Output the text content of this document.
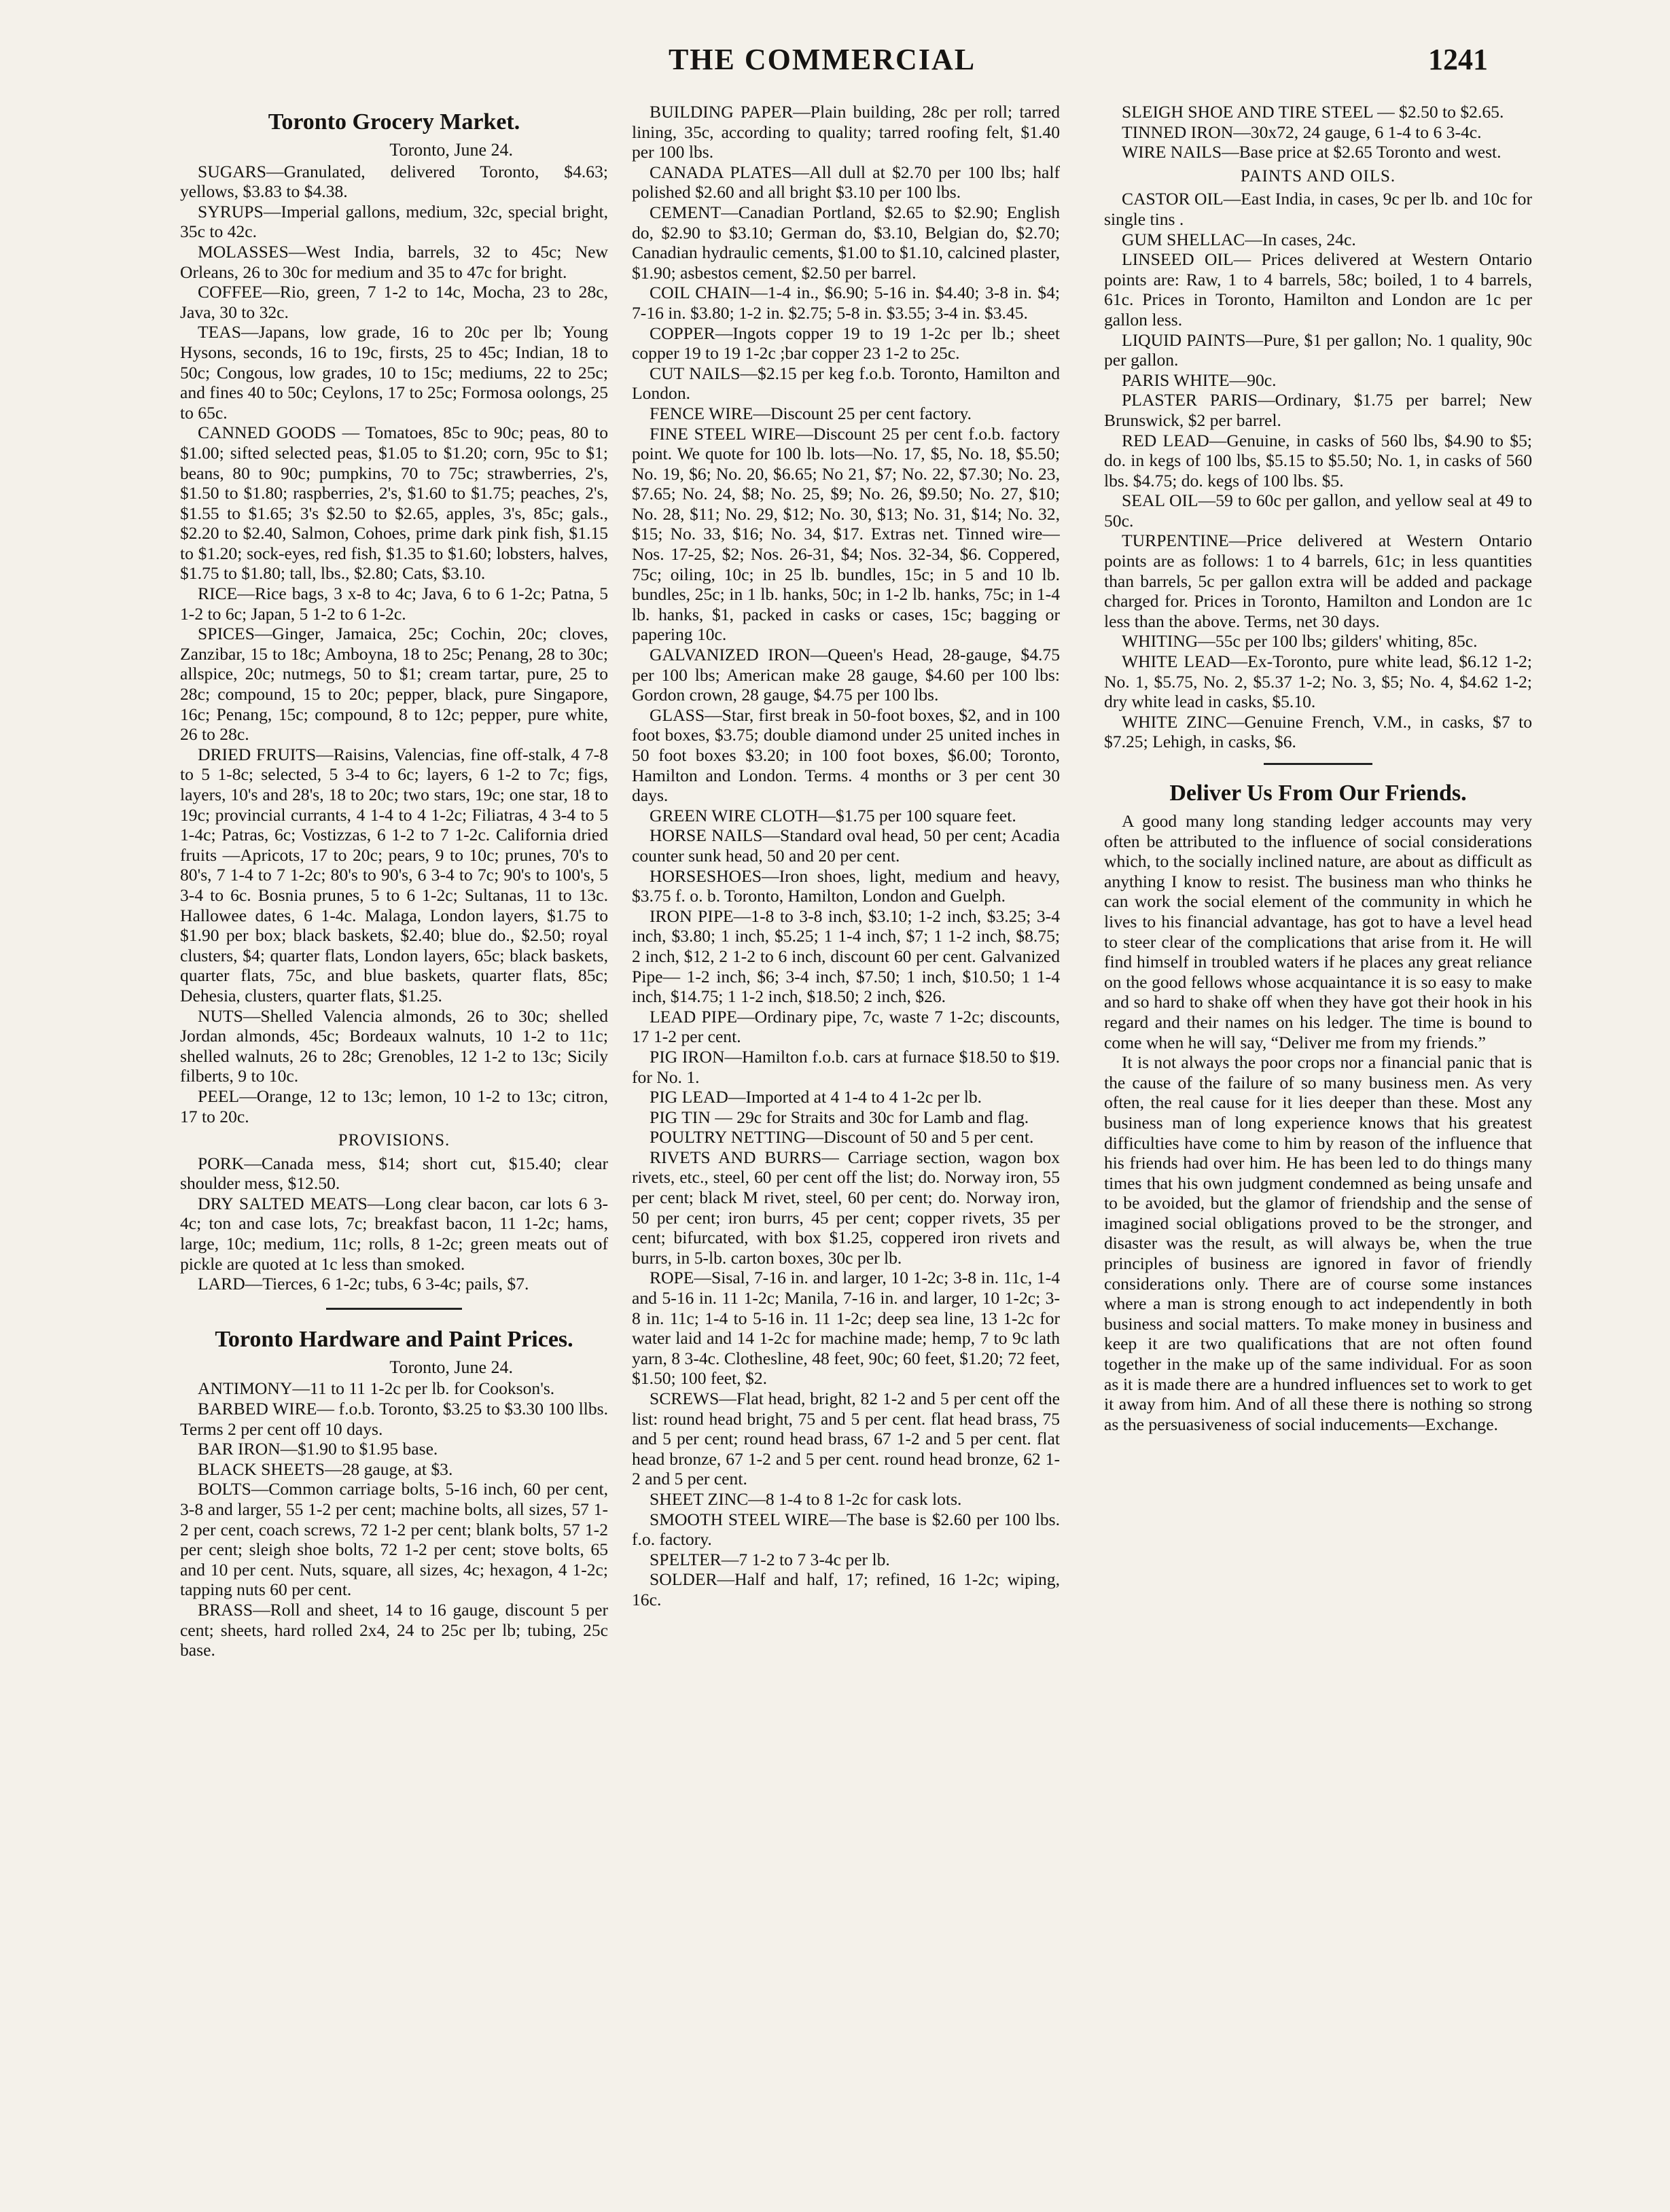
THE COMMERCIAL	1241
Toronto Grocery Market.
Toronto, June 24.

SUGARS—Granulated, delivered Toronto, $4.63; yellows, $3.83 to $4.38.

SYRUPS—Imperial gallons, medium, 32c, special bright, 35c to 42c.

MOLASSES—West India, barrels, 32 to 45c; New Orleans, 26 to 30c for medium and 35 to 47c for bright.

COFFEE—Rio, green, 7 1-2 to 14c, Mocha, 23 to 28c, Java, 30 to 32c.

TEAS—Japans, low grade, 16 to 20c per lb; Young Hysons, seconds, 16 to 19c, firsts, 25 to 45c; Indian, 18 to 50c; Congous, low grades, 10 to 15c; mediums, 22 to 25c; and fines 40 to 50c; Ceylons, 17 to 25c; Formosa oolongs, 25 to 65c.

CANNED GOODS — Tomatoes, 85c to 90c; peas, 80 to $1.00; sifted selected peas, $1.05 to $1.20; corn, 95c to $1; beans, 80 to 90c; pumpkins, 70 to 75c; strawberries, 2's, $1.50 to $1.80; raspberries, 2's, $1.60 to $1.75; peaches, 2's, $1.55 to $1.65; 3's $2.50 to $2.65, apples, 3's, 85c; gals., $2.20 to $2.40, Salmon, Cohoes, prime dark pink fish, $1.15 to $1.20; sock-eyes, red fish, $1.35 to $1.60; lobsters, halves, $1.75 to $1.80; tall, lbs., $2.80; Cats, $3.10.

RICE—Rice bags, 3 x-8 to 4c; Java, 6 to 6 1-2c; Patna, 5 1-2 to 6c; Japan, 5 1-2 to 6 1-2c.

SPICES—Ginger, Jamaica, 25c; Cochin, 20c; cloves, Zanzibar, 15 to 18c; Amboyna, 18 to 25c; Penang, 28 to 30c; allspice, 20c; nutmegs, 50 to $1; cream tartar, pure, 25 to 28c; compound, 15 to 20c; pepper, black, pure Singapore, 16c; Penang, 15c; compound, 8 to 12c; pepper, pure white, 26 to 28c.

DRIED FRUITS—Raisins, Valencias, fine off-stalk, 4 7-8 to 5 1-8c; selected, 5 3-4 to 6c; layers, 6 1-2 to 7c; figs, layers, 10's and 28's, 18 to 20c; two stars, 19c; one star, 18 to 19c; provincial currants, 4 1-4 to 4 1-2c; Filiatras, 4 3-4 to 5 1-4c; Patras, 6c; Vostizzas, 6 1-2 to 7 1-2c. California dried fruits —Apricots, 17 to 20c; pears, 9 to 10c; prunes, 70's to 80's, 7 1-4 to 7 1-2c; 80's to 90's, 6 3-4 to 7c; 90's to 100's, 5 3-4 to 6c. Bosnia prunes, 5 to 6 1-2c; Sultanas, 11 to 13c. Hallowee dates, 6 1-4c. Malaga, London layers, $1.75 to $1.90 per box; black baskets, $2.40; blue do., $2.50; royal clusters, $4; quarter flats, London layers, 65c; black baskets, quarter flats, 75c, and blue baskets, quarter flats, 85c; Dehesia, clusters, quarter flats, $1.25.

NUTS—Shelled Valencia almonds, 26 to 30c; shelled Jordan almonds, 45c; Bordeaux walnuts, 10 1-2 to 11c; shelled walnuts, 26 to 28c; Grenobles, 12 1-2 to 13c; Sicily filberts, 9 to 10c.

PEEL—Orange, 12 to 13c; lemon, 10 1-2 to 13c; citron, 17 to 20c.

PROVISIONS.

PORK—Canada mess, $14; short cut, $15.40; clear shoulder mess, $12.50.

DRY SALTED MEATS—Long clear bacon, car lots 6 3-4c; ton and case lots, 7c; breakfast bacon, 11 1-2c; hams, large, 10c; medium, 11c; rolls, 8 1-2c; green meats out of pickle are quoted at 1c less than smoked.

LARD—Tierces, 6 1-2c; tubs, 6 3-4c; pails, $7.

Toronto Hardware and Paint Prices.
Toronto, June 24.

ANTIMONY—11 to 11 1-2c per lb. for Cookson's.

BARBED WIRE— f.o.b. Toronto, $3.25 to $3.30 100 llbs. Terms 2 per cent off 10 days.

BAR IRON—$1.90 to $1.95 base.

BLACK SHEETS—28 gauge, at $3.

BOLTS—Common carriage bolts, 5-16 inch, 60 per cent, 3-8 and larger, 55 1-2 per cent; machine bolts, all sizes, 57 1-2 per cent, coach screws, 72 1-2 per cent; blank bolts, 57 1-2 per cent; sleigh shoe bolts, 72 1-2 per cent; stove bolts, 65 and 10 per cent. Nuts, square, all sizes, 4c; hexagon, 4 1-2c; tapping nuts 60 per cent.

BRASS—Roll and sheet, 14 to 16 gauge, discount 5 per cent; sheets, hard rolled 2x4, 24 to 25c per lb; tubing, 25c base.

BUILDING PAPER—Plain building, 28c per roll; tarred lining, 35c, according to quality; tarred roofing felt, $1.40 per 100 lbs.

CANADA PLATES—All dull at $2.70 per 100 lbs; half polished $2.60 and all bright $3.10 per 100 lbs.

CEMENT—Canadian Portland, $2.65 to $2.90; English do, $2.90 to $3.10; German do, $3.10, Belgian do, $2.70; Canadian hydraulic cements, $1.00 to $1.10, calcined plaster, $1.90; asbestos cement, $2.50 per barrel.

COIL CHAIN—1-4 in., $6.90; 5-16 in. $4.40; 3-8 in. $4; 7-16 in. $3.80; 1-2 in. $2.75; 5-8 in. $3.55; 3-4 in. $3.45.

COPPER—Ingots copper 19 to 19 1-2c per lb.; sheet copper 19 to 19 1-2c ;bar copper 23 1-2 to 25c.

CUT NAILS—$2.15 per keg f.o.b. Toronto, Hamilton and London.

FENCE WIRE—Discount 25 per cent factory.

FINE STEEL WIRE—Discount 25 per cent f.o.b. factory point. We quote for 100 lb. lots—No. 17, $5, No. 18, $5.50; No. 19, $6; No. 20, $6.65; No 21, $7; No. 22, $7.30; No. 23, $7.65; No. 24, $8; No. 25, $9; No. 26, $9.50; No. 27, $10; No. 28, $11; No. 29, $12; No. 30, $13; No. 31, $14; No. 32, $15; No. 33, $16; No. 34, $17. Extras net. Tinned wire—Nos. 17-25, $2; Nos. 26-31, $4; Nos. 32-34, $6. Coppered, 75c; oiling, 10c; in 25 lb. bundles, 15c; in 5 and 10 lb. bundles, 25c; in 1 lb. hanks, 50c; in 1-2 lb. hanks, 75c; in 1-4 lb. hanks, $1, packed in casks or cases, 15c; bagging or papering 10c.

GALVANIZED IRON—Queen's Head, 28-gauge, $4.75 per 100 lbs; American make 28 gauge, $4.60 per 100 lbs: Gordon crown, 28 gauge, $4.75 per 100 lbs.

GLASS—Star, first break in 50-foot boxes, $2, and in 100 foot boxes, $3.75; double diamond under 25 united inches in 50 foot boxes $3.20; in 100 foot boxes, $6.00; Toronto, Hamilton and London. Terms. 4 months or 3 per cent 30 days.

GREEN WIRE CLOTH—$1.75 per 100 square feet.

HORSE NAILS—Standard oval head, 50 per cent; Acadia counter sunk head, 50 and 20 per cent.

HORSESHOES—Iron shoes, light, medium and heavy, $3.75 f. o. b. Toronto, Hamilton, London and Guelph.

IRON PIPE—1-8 to 3-8 inch, $3.10; 1-2 inch, $3.25; 3-4 inch, $3.80; 1 inch, $5.25; 1 1-4 inch, $7; 1 1-2 inch, $8.75; 2 inch, $12, 2 1-2 to 6 inch, discount 60 per cent. Galvanized Pipe— 1-2 inch, $6; 3-4 inch, $7.50; 1 inch, $10.50; 1 1-4 inch, $14.75; 1 1-2 inch, $18.50; 2 inch, $26.

LEAD PIPE—Ordinary pipe, 7c, waste 7 1-2c; discounts, 17 1-2 per cent.

PIG IRON—Hamilton f.o.b. cars at furnace $18.50 to $19. for No. 1.

PIG LEAD—Imported at 4 1-4 to 4 1-2c per lb.

PIG TIN — 29c for Straits and 30c for Lamb and flag.

POULTRY NETTING—Discount of 50 and 5 per cent.

RIVETS AND BURRS— Carriage section, wagon box rivets, etc., steel, 60 per cent off the list; do. Norway iron, 55 per cent; black M rivet, steel, 60 per cent; do. Norway iron, 50 per cent; iron burrs, 45 per cent; copper rivets, 35 per cent; bifurcated, with box $1.25, coppered iron rivets and burrs, in 5-lb. carton boxes, 30c per lb.

ROPE—Sisal, 7-16 in. and larger, 10 1-2c; 3-8 in. 11c, 1-4 and 5-16 in. 11 1-2c; Manila, 7-16 in. and larger, 10 1-2c; 3-8 in. 11c; 1-4 to 5-16 in. 11 1-2c; deep sea line, 13 1-2c for water laid and 14 1-2c for machine made; hemp, 7 to 9c lath yarn, 8 3-4c. Clothesline, 48 feet, 90c; 60 feet, $1.20; 72 feet, $1.50; 100 feet, $2.

SCREWS—Flat head, bright, 82 1-2 and 5 per cent off the list: round head bright, 75 and 5 per cent. flat head brass, 75 and 5 per cent; round head brass, 67 1-2 and 5 per cent. flat head bronze, 67 1-2 and 5 per cent. round head bronze, 62 1-2 and 5 per cent.

SHEET ZINC—8 1-4 to 8 1-2c for cask lots.

SMOOTH STEEL WIRE—The base is $2.60 per 100 lbs. f.o. factory.

SPELTER—7 1-2 to 7 3-4c per lb.

SOLDER—Half and half, 17; refined, 16 1-2c; wiping, 16c.

SLEIGH SHOE AND TIRE STEEL — $2.50 to $2.65.

TINNED IRON—30x72, 24 gauge, 6 1-4 to 6 3-4c.

WIRE NAILS—Base price at $2.65 Toronto and west.

PAINTS AND OILS.

CASTOR OIL—East India, in cases, 9c per lb. and 10c for single tins .

GUM SHELLAC—In cases, 24c.

LINSEED OIL— Prices delivered at Western Ontario points are: Raw, 1 to 4 barrels, 58c; boiled, 1 to 4 barrels, 61c. Prices in Toronto, Hamilton and London are 1c per gallon less.

LIQUID PAINTS—Pure, $1 per gallon; No. 1 quality, 90c per gallon.

PARIS WHITE—90c.

PLASTER PARIS—Ordinary, $1.75 per barrel; New Brunswick, $2 per barrel.

RED LEAD—Genuine, in casks of 560 lbs, $4.90 to $5; do. in kegs of 100 lbs, $5.15 to $5.50; No. 1, in casks of 560 lbs. $4.75; do. kegs of 100 lbs. $5.

SEAL OIL—59 to 60c per gallon, and yellow seal at 49 to 50c.

TURPENTINE—Price delivered at Western Ontario points are as follows: 1 to 4 barrels, 61c; in less quantities than barrels, 5c per gallon extra will be added and package charged for. Prices in Toronto, Hamilton and London are 1c less than the above. Terms, net 30 days.

WHITING—55c per 100 lbs; gilders' whiting, 85c.

WHITE LEAD—Ex-Toronto, pure white lead, $6.12 1-2; No. 1, $5.75, No. 2, $5.37 1-2; No. 3, $5; No. 4, $4.62 1-2; dry white lead in casks, $5.10.

WHITE ZINC—Genuine French, V.M., in casks, $7 to $7.25; Lehigh, in casks, $6.

Deliver Us From Our Friends.

A good many long standing ledger accounts may very often be attributed to the influence of social considerations which, to the socially inclined nature, are about as difficult as anything I know to resist. The business man who thinks he can work the social element of the community in which he lives to his financial advantage, has got to have a level head to steer clear of the complications that arise from it. He will find himself in troubled waters if he places any great reliance on the good fellows whose acquaintance it is so easy to make and so hard to shake off when they have got their hook in his regard and their names on his ledger. The time is bound to come when he will say, “Deliver me from my friends.”

It is not always the poor crops nor a financial panic that is the cause of the failure of so many business men. As very often, the real cause for it lies deeper than these. Most any business man of long experience knows that his greatest difficulties have come to him by reason of the influence that his friends had over him. He has been led to do things many times that his own judgment condemned as being unsafe and to be avoided, but the glamor of friendship and the sense of imagined social obligations proved to be the stronger, and disaster was the result, as will always be, when the true principles of business are ignored in favor of friendly considerations only. There are of course some instances where a man is strong enough to act independently in both business and social matters. To make money in business and keep it are two qualifications that are not often found together in the make up of the same individual. For as soon as it is made there are a hundred influences set to work to get it away from him. And of all these there is nothing so strong as the persuasiveness of social inducements—Exchange.
